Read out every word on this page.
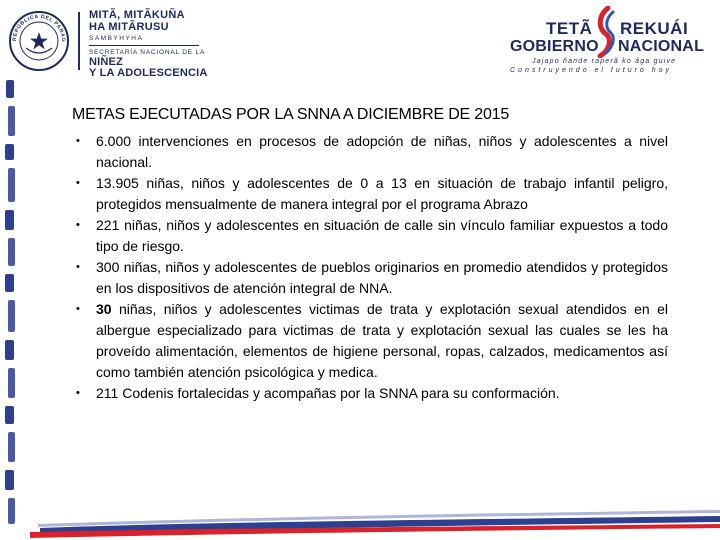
REPÚBLICA DEL PARAG
MITÃ, MITÃKUÑA
HA MITÃRUSU
SAMBYHYHA
SECRETARÍA NACIONAL DE LA
NIÑEZ
Y LA ADOLESCENCIA
TETÃ REKUÁI
GOBIERNO NACIONAL
Jajapo ñande raperã ko ãga guive
Construyendo el futuro hoy
METAS EJECUTADAS POR LA SNNA A DICIEMBRE DE 2015
• 6.000 intervenciones en procesos de adopción de niñas, niños y adolescentes a nivel nacional.
• 13.905 niñas, niños y adolescentes de 0 a 13 en situación de trabajo infantil peligro, protegidos mensualmente de manera integral por el programa Abrazo
• 221 niñas, niños y adolescentes en situación de calle sin vínculo familiar expuestos a todo tipo de riesgo.
• 300 niñas, niños y adolescentes de pueblos originarios en promedio atendidos y protegidos en los dispositivos de atención integral de NNA.
• 30 niñas, niños y adolescentes victimas de trata y explotación sexual atendidos en el albergue especializado para victimas de trata y explotación sexual las cuales se les ha proveído alimentación, elementos de higiene personal, ropas, calzados, medicamentos así como también atención psicológica y medica.
• 211 Codenis fortalecidas y acompañas por la SNNA para su conformación.
